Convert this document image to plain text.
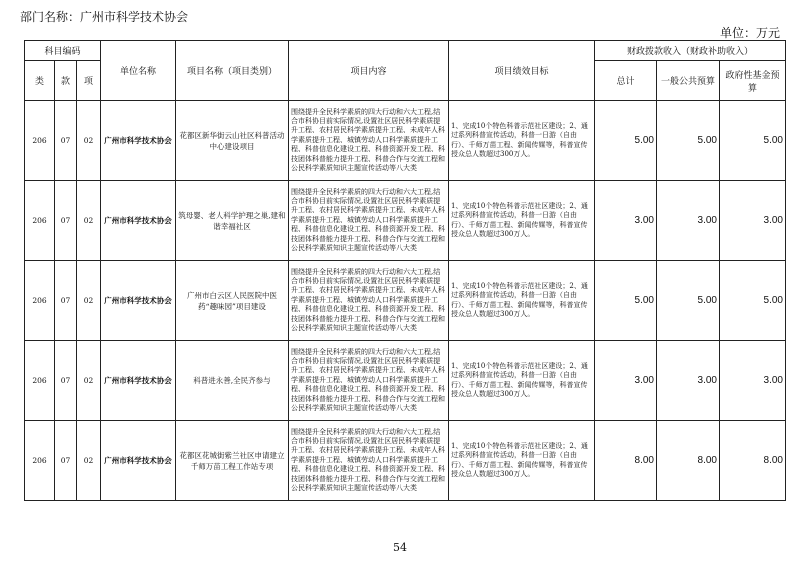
部门名称：广州市科学技术协会
单位：万元
科目编码			单位名称	项目名称（项目类别）	项目内容	项目绩效目标	财政拨款收入（财政补助收入）		
类	款	项					总计	一般公共预算	政府性基金预算
206	07	02	广州市科学技术协会	花都区新华街云山社区科普活动中心建设项目	围绕提升全民科学素质的四大行动和六大工程,结合市科协目前实际情况,设置社区居民科学素质提升工程、农村居民科学素质提升工程、未成年人科学素质提升工程、城镇劳动人口科学素质提升工程、科普信息化建设工程、科普资源开发工程、科技团体科普能力提升工程、科普合作与交流工程和公民科学素质知识主题宣传活动等八大类	1、完成10个特色科普示范社区建设；2、通过系列科普宣传活动，科普一日游（自由行）、千师万苗工程、新闻传媒等，科普宣传授众总人数超过300万人。	5.00	5.00	5.00
206	07	02	广州市科学技术协会	筑母婴、老人科学护理之巢,建和谐幸福社区	围绕提升全民科学素质的四大行动和六大工程,结合市科协目前实际情况,设置社区居民科学素质提升工程、农村居民科学素质提升工程、未成年人科学素质提升工程、城镇劳动人口科学素质提升工程、科普信息化建设工程、科普资源开发工程、科技团体科普能力提升工程、科普合作与交流工程和公民科学素质知识主题宣传活动等八大类	1、完成10个特色科普示范社区建设；2、通过系列科普宣传活动，科普一日游（自由行）、千师万苗工程、新闻传媒等，科普宣传授众总人数超过300万人。	3.00	3.00	3.00
206	07	02	广州市科学技术协会	广州市白云区人民医院中医药“趣味园”项目建设	围绕提升全民科学素质的四大行动和六大工程,结合市科协目前实际情况,设置社区居民科学素质提升工程、农村居民科学素质提升工程、未成年人科学素质提升工程、城镇劳动人口科学素质提升工程、科普信息化建设工程、科普资源开发工程、科技团体科普能力提升工程、科普合作与交流工程和公民科学素质知识主题宣传活动等八大类	1、完成10个特色科普示范社区建设；2、通过系列科普宣传活动，科普一日游（自由行）、千师万苗工程、新闻传媒等，科普宣传授众总人数超过300万人。	5.00	5.00	5.00
206	07	02	广州市科学技术协会	科普进永善,全民齐参与	围绕提升全民科学素质的四大行动和六大工程,结合市科协目前实际情况,设置社区居民科学素质提升工程、农村居民科学素质提升工程、未成年人科学素质提升工程、城镇劳动人口科学素质提升工程、科普信息化建设工程、科普资源开发工程、科技团体科普能力提升工程、科普合作与交流工程和公民科学素质知识主题宣传活动等八大类	1、完成10个特色科普示范社区建设；2、通过系列科普宣传活动，科普一日游（自由行）、千师万苗工程、新闻传媒等，科普宣传授众总人数超过300万人。	3.00	3.00	3.00
206	07	02	广州市科学技术协会	花都区花城街紫兰社区申请建立千师万苗工程工作站专项	围绕提升全民科学素质的四大行动和六大工程,结合市科协目前实际情况,设置社区居民科学素质提升工程、农村居民科学素质提升工程、未成年人科学素质提升工程、城镇劳动人口科学素质提升工程、科普信息化建设工程、科普资源开发工程、科技团体科普能力提升工程、科普合作与交流工程和公民科学素质知识主题宣传活动等八大类	1、完成10个特色科普示范社区建设；2、通过系列科普宣传活动，科普一日游（自由行）、千师万苗工程、新闻传媒等，科普宣传授众总人数超过300万人。	8.00	8.00	8.00
54
